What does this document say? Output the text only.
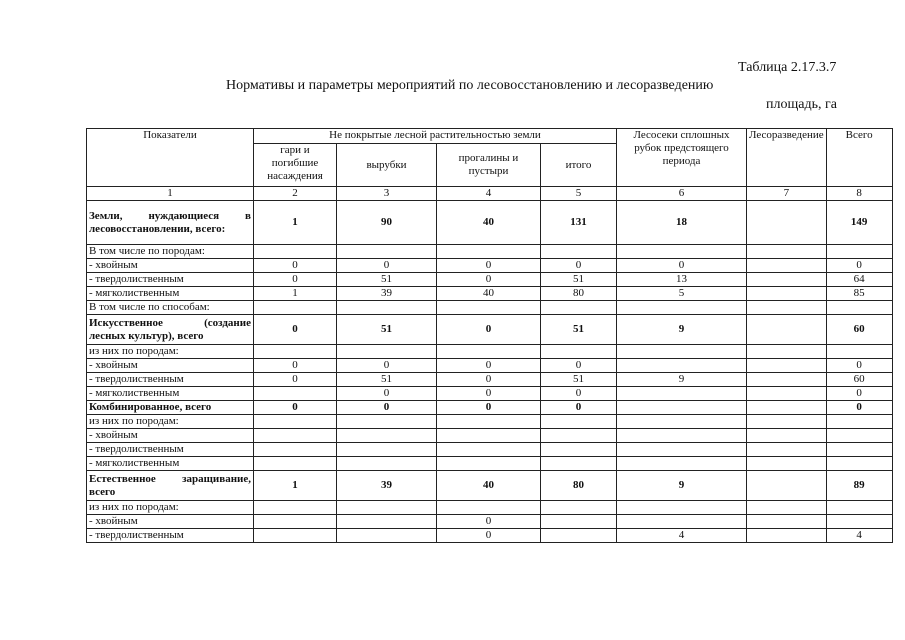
Таблица 2.17.3.7
Нормативы и параметры мероприятий по лесовосстановлению и лесоразведению
площадь, га
Показатели	Не покрытые лесной растительностью земли				Лесосеки сплошных рубок предстоящего периода	Лесоразведение	Всего
	гари и погибшие насаждения	вырубки	прогалины и пустыри	итого			
1	2	3	4	5	6	7	8
Земли, нуждающиеся в лесовосстановлении, всего:	1	90	40	131	18		149
В том числе по породам:							
- хвойным	0	0	0	0	0		0
- твердолиственным	0	51	0	51	13		64
- мягколиственным	1	39	40	80	5		85
В том числе по способам:							
Искусственное (создание лесных культур), всего	0	51	0	51	9		60
из них по породам:							
- хвойным	0	0	0	0			0
- твердолиственным	0	51	0	51	9		60
- мягколиственным		0	0	0			0
Комбинированное, всего	0	0	0	0			0
из них по породам:							
- хвойным							
- твердолиственным							
- мягколиственным							
Естественное заращивание, всего	1	39	40	80	9		89
из них по породам:							
- хвойным			0				
- твердолиственным			0		4		4
